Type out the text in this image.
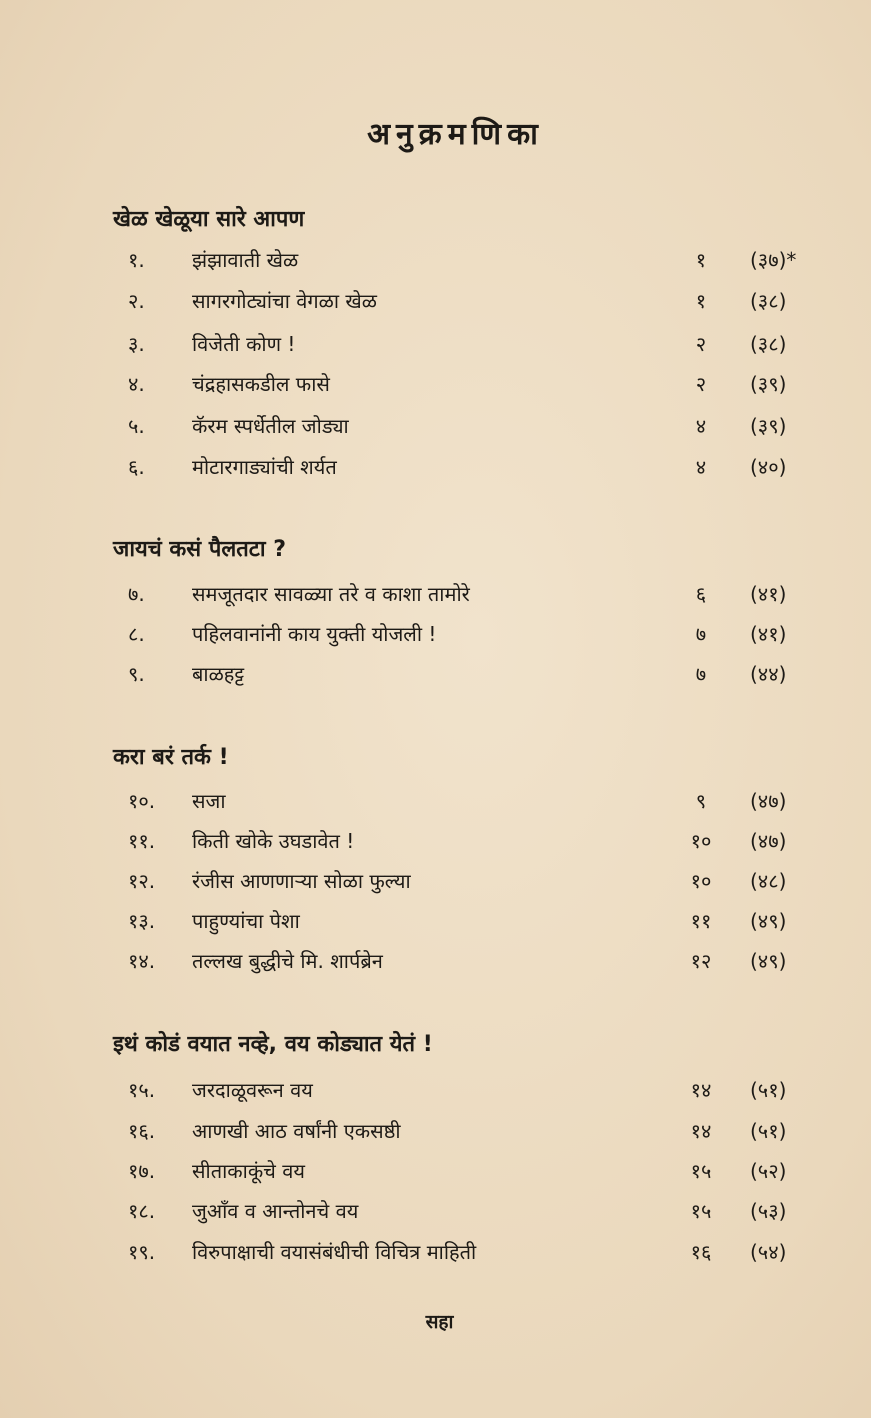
अनुक्रमणिका
खेळ खेळूया सारे आपण
१. झंझावाती खेळ	१	(३७)*
२. सागरगोट्यांचा वेगळा खेळ	१	(३८)
३. विजेती कोण !	२	(३८)
४. चंद्रहासकडील फासे	२	(३९)
५. कॅरम स्पर्धेतील जोड्या	४	(३९)
६. मोटारगाड्यांची शर्यत	४	(४०)
जायचं कसं पैलतटा ?
७. समजूतदार सावळ्या तरे व काशा तामोरे	६	(४१)
८. पहिलवानांनी काय युक्ती योजली !	७	(४१)
९. बाळहट्ट	७	(४४)
करा बरं तर्क !
१०. सजा	९	(४७)
११. किती खोके उघडावेत !	१०	(४७)
१२. रंजीस आणणाऱ्या सोळा फुल्या	१०	(४८)
१३. पाहुण्यांचा पेशा	११	(४९)
१४. तल्लख बुद्धीचे मि. शार्पब्रेन	१२	(४९)
इथं कोडं वयात नव्हे, वय कोड्यात येतं !
१५. जरदाळूवरून वय	१४	(५१)
१६. आणखी आठ वर्षांनी एकसष्ठी	१४	(५१)
१७. सीताकाकूंचे वय	१५	(५२)
१८. जुऑंव व आन्तोनचे वय	१५	(५३)
१९. विरुपाक्षाची वयासंबंधीची विचित्र माहिती	१६	(५४)
सहा
